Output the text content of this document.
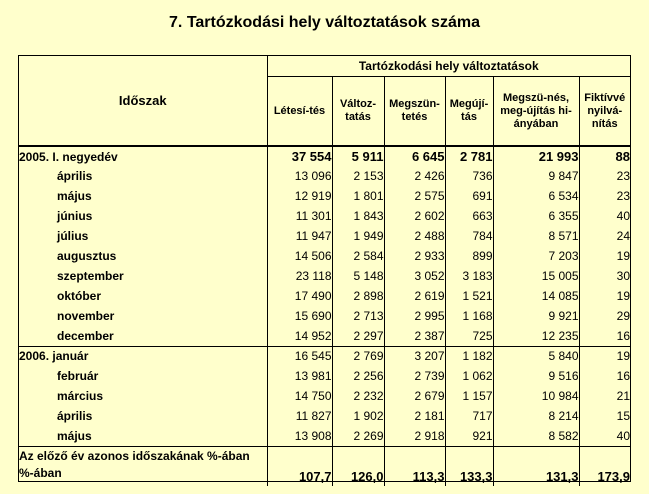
7. Tartózkodási hely változtatások száma
Időszak	Tartózkodási hely változtatások					
	Létesí-tés	Változ-tatás	Megszün-tetés	Megújí-tás	Megszü-nés, meg-újítás hi-ányában	Fiktívvé nyilvá-nítás
2005. I. negyedév	37 554	5 911	6 645	2 781	21 993	88
április	13 096	2 153	2 426	736	9 847	23
május	12 919	1 801	2 575	691	6 534	23
június	11 301	1 843	2 602	663	6 355	40
július	11 947	1 949	2 488	784	8 571	24
augusztus	14 506	2 584	2 933	899	7 203	19
szeptember	23 118	5 148	3 052	3 183	15 005	30
október	17 490	2 898	2 619	1 521	14 085	19
november	15 690	2 713	2 995	1 168	9 921	29
december	14 952	2 297	2 387	725	12 235	16
2006. január	16 545	2 769	3 207	1 182	5 840	19
február	13 981	2 256	2 739	1 062	9 516	16
március	14 750	2 232	2 679	1 157	10 984	21
április	11 827	1 902	2 181	717	8 214	15
május	13 908	2 269	2 918	921	8 582	40
Az előző év azonos időszakának %-ában %-ában	107,7	126,0	113,3	133,3	131,3	173,9
